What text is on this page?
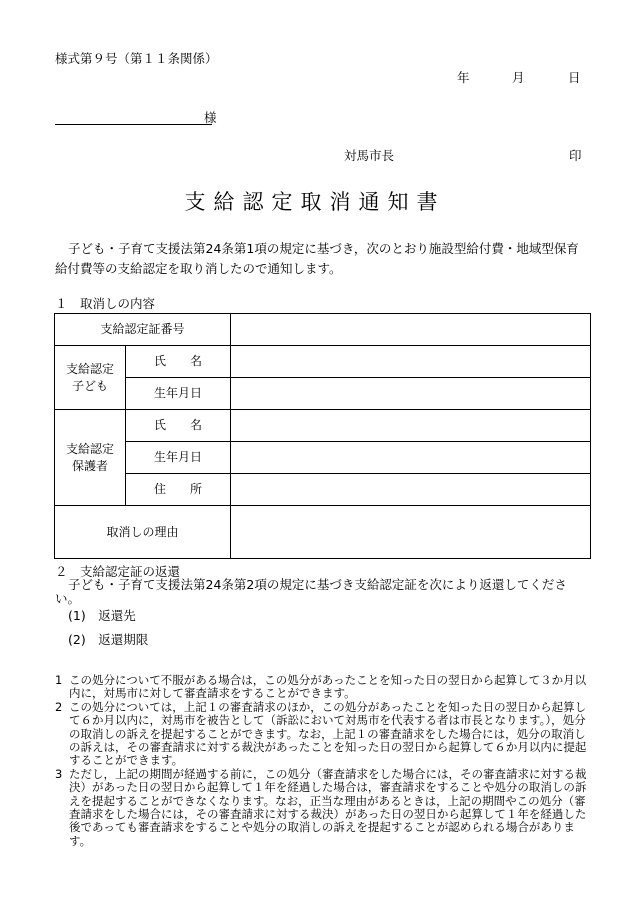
様式第９号（第１１条関係）
年	月	日
様
対馬市長	印
支給認定取消通知書
子ども・子育て支援法第24条第1項の規定に基づき，次のとおり施設型給付費・地域型保育給付費等の支給認定を取り消したので通知します。
１　取消しの内容
支給認定証番号		
支給認定
子ども	氏　　名	
	生年月日	
支給認定
保護者	氏　　名	
	生年月日	
	住　　所	
取消しの理由		
２　支給認定証の返還
子ども・子育て支援法第24条第2項の規定に基づき支給認定証を次により返還してください。
(1)　返還先
(2)　返還期限
1 この処分について不服がある場合は，この処分があったことを知った日の翌日から起算して３か月以内に，対馬市に対して審査請求をすることができます。
2 この処分については，上記１の審査請求のほか，この処分があったことを知った日の翌日から起算して６か月以内に，対馬市を被告として（訴訟において対馬市を代表する者は市長となります。），処分の取消しの訴えを提起することができます。なお，上記１の審査請求をした場合には，処分の取消しの訴えは，その審査請求に対する裁決があったことを知った日の翌日から起算して６か月以内に提起することができます。
3 ただし，上記の期間が経過する前に，この処分（審査請求をした場合には，その審査請求に対する裁決）があった日の翌日から起算して１年を経過した場合は，審査請求をすることや処分の取消しの訴えを提起することができなくなります。なお，正当な理由があるときは，上記の期間やこの処分（審査請求をした場合には，その審査請求に対する裁決）があった日の翌日から起算して１年を経過した後であっても審査請求をすることや処分の取消しの訴えを提起することが認められる場合があります。
